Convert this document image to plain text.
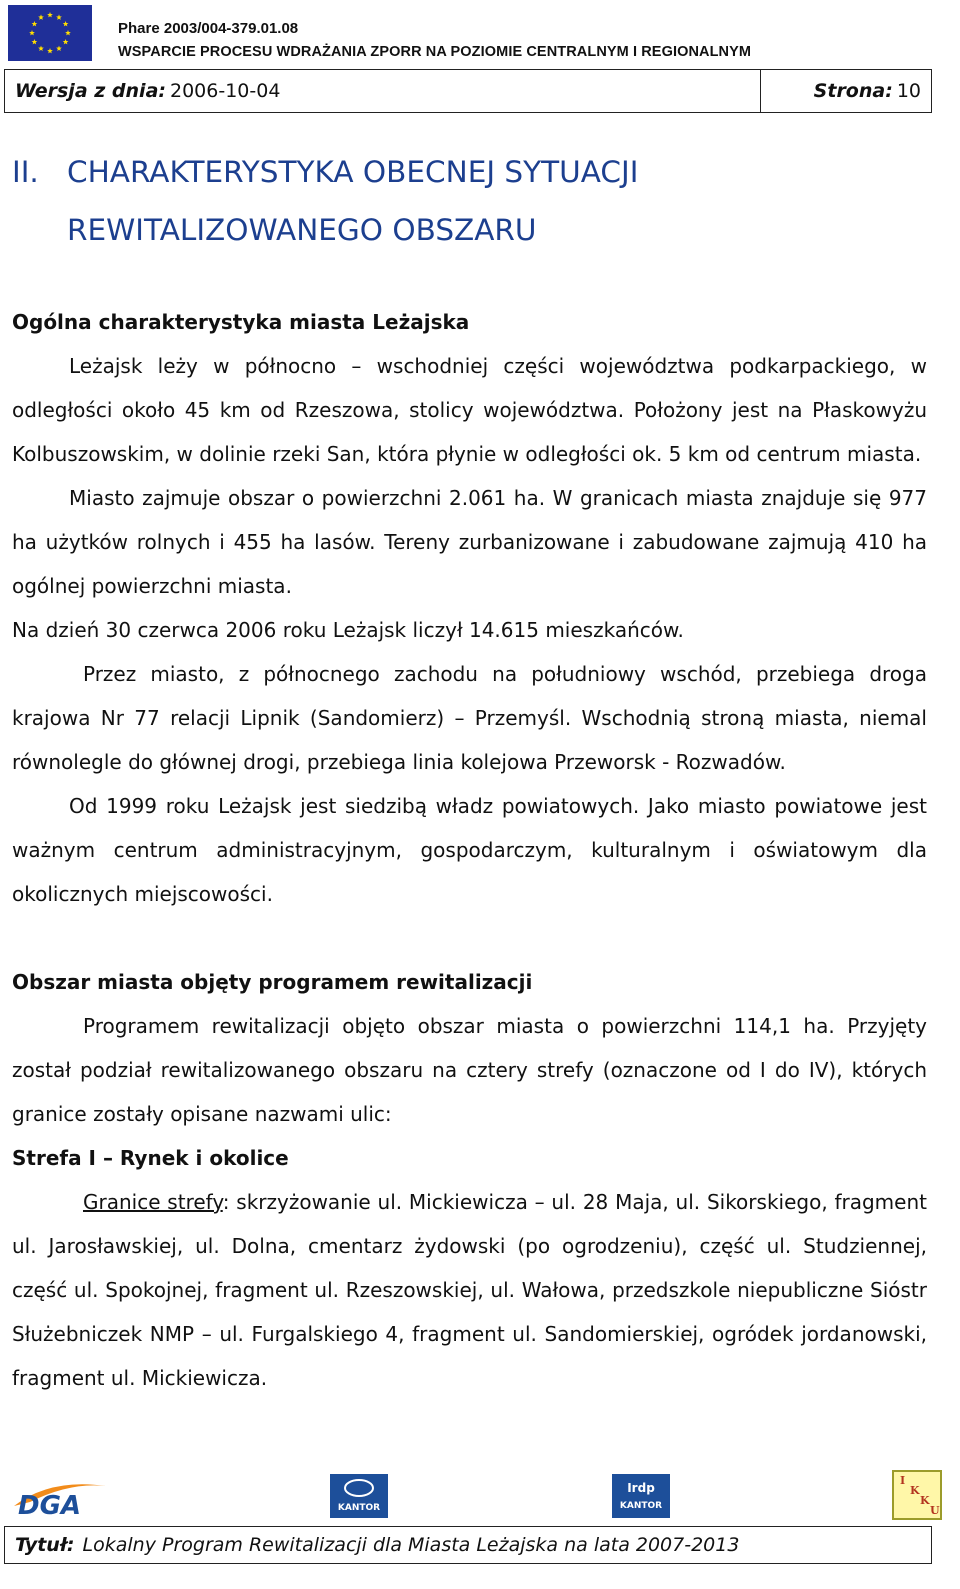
Phare 2003/004-379.01.08
WSPARCIE PROCESU WDRAŻANIA ZPORR NA POZIOMIE CENTRALNYM I REGIONALNYM
Wersja z dnia: 2006-10-04	Strona: 10
II. CHARAKTERYSTYKA OBECNEJ SYTUACJI
REWITALIZOWANEGO OBSZARU
Ogólna charakterystyka miasta Leżajska

Leżajsk leży w północno – wschodniej części województwa podkarpackiego, w odległości około 45 km od Rzeszowa, stolicy województwa. Położony jest na Płaskowyżu Kolbuszowskim, w dolinie rzeki San, która płynie w odległości ok. 5 km od centrum miasta.

Miasto zajmuje obszar o powierzchni 2.061 ha. W granicach miasta znajduje się 977 ha użytków rolnych i 455 ha lasów. Tereny zurbanizowane i zabudowane zajmują 410 ha ogólnej powierzchni miasta.

Na dzień 30 czerwca 2006 roku Leżajsk liczył 14.615 mieszkańców.

Przez miasto, z północnego zachodu na południowy wschód, przebiega droga krajowa Nr 77 relacji Lipnik (Sandomierz) – Przemyśl. Wschodnią stroną miasta, niemal równolegle do głównej drogi, przebiega linia kolejowa Przeworsk - Rozwadów.

Od 1999 roku Leżajsk jest siedzibą władz powiatowych. Jako miasto powiatowe jest ważnym centrum administracyjnym, gospodarczym, kulturalnym i oświatowym dla okolicznych miejscowości.

Obszar miasta objęty programem rewitalizacji

Programem rewitalizacji objęto obszar miasta o powierzchni 114,1 ha. Przyjęty został podział rewitalizowanego obszaru na cztery strefy (oznaczone od I do IV), których granice zostały opisane nazwami ulic:

Strefa I – Rynek i okolice

Granice strefy: skrzyżowanie ul. Mickiewicza – ul. 28 Maja, ul. Sikorskiego, fragment ul. Jarosławskiej, ul. Dolna, cmentarz żydowski (po ogrodzeniu), część ul. Studziennej, część ul. Spokojnej, fragment ul. Rzeszowskiej, ul. Wałowa, przedszkole niepubliczne Sióstr Służebniczek NMP – ul. Furgalskiego 4, fragment ul. Sandomierskiej, ogródek jordanowski, fragment ul. Mickiewicza.

DGA	KANTOR
Irdp
KANTOR
I
K
K
U
Tytuł: Lokalny Program Rewitalizacji dla Miasta Leżajska na lata 2007-2013
